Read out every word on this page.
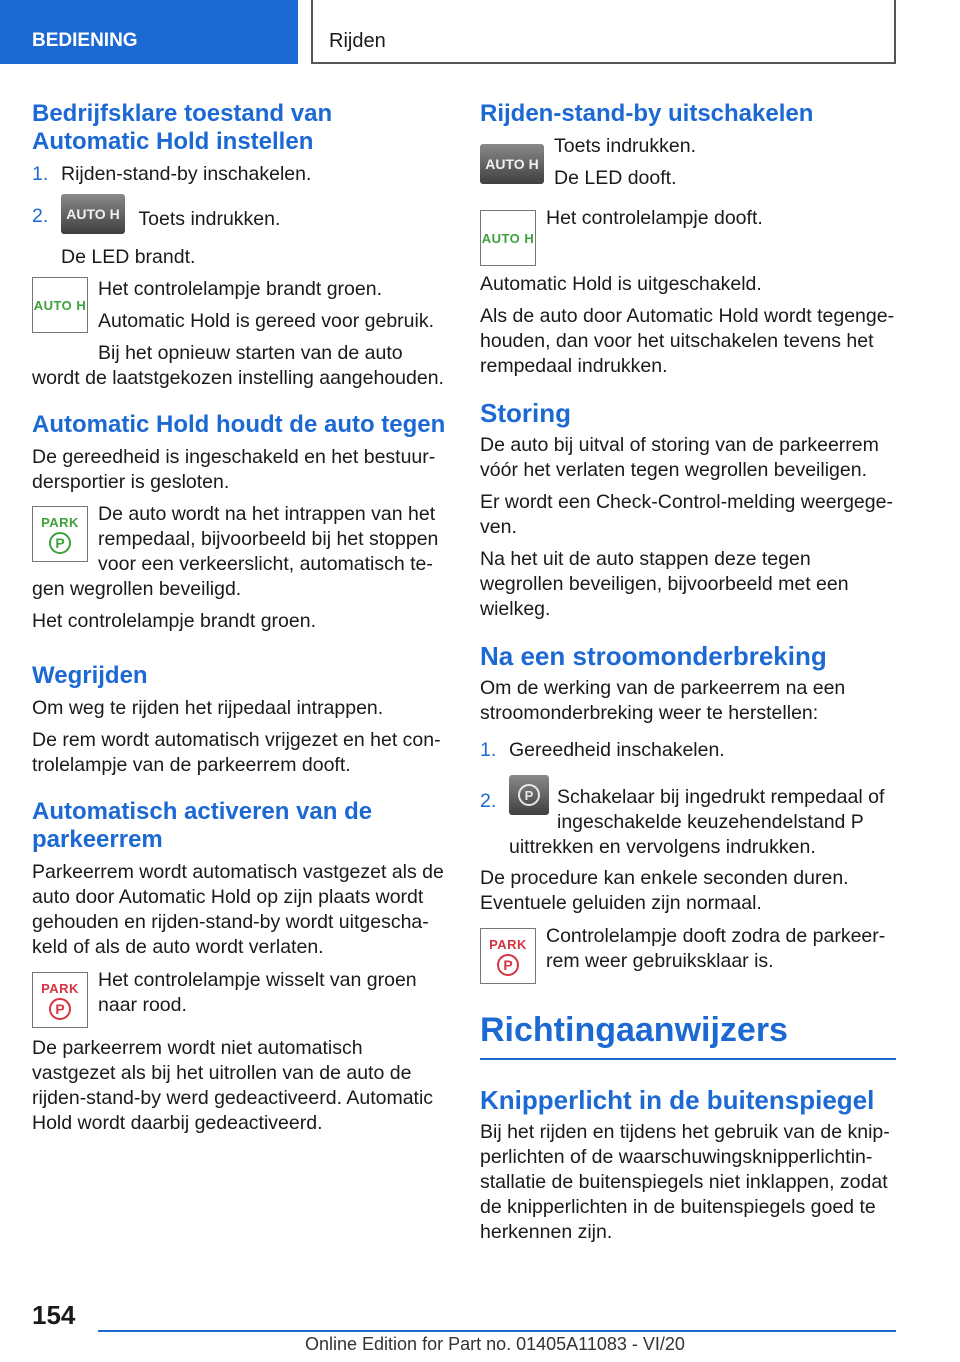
BEDIENING	Rijden
Bedrijfsklare toestand van
Automatic Hold instellen
1. Rijden-stand-by inschakelen.
2. AUTO H Toets indrukken.

De LED brandt.

AUTO H

Het controlelampje brandt groen.

Automatic Hold is gereed voor gebruik.

Bij het opnieuw starten van de auto

wordt de laatstgekozen instelling aangehouden.

Automatic Hold houdt de auto tegen

De gereedheid is ingeschakeld en het bestuurdersportier is gesloten.

PARK
P

De auto wordt na het intrappen van het

rempedaal, bijvoorbeeld bij het stoppen

voor een verkeerslicht, automatisch te-

gen wegrollen beveiligd.

Het controlelampje brandt groen.

Wegrijden

Om weg te rijden het rijpedaal intrappen.

De rem wordt automatisch vrijgezet en het controlelampje van de parkeerrem dooft.

Automatisch activeren van de
parkeerrem

Parkeerrem wordt automatisch vastgezet als de auto door Automatic Hold op zijn plaats wordt gehouden en rijden-stand-by wordt uitgeschakeld of als de auto wordt verlaten.

PARK
P

Het controlelampje wisselt van groen

naar rood.

De parkeerrem wordt niet automatisch vastgezet als bij het uitrollen van de auto de rijden-stand-by werd gedeactiveerd. Automatic Hold wordt daarbij gedeactiveerd.

Rijden-stand-by uitschakelen
AUTO H

Toets indrukken.

De LED dooft.

AUTO H

Het controlelampje dooft.

Automatic Hold is uitgeschakeld.

Als de auto door Automatic Hold wordt tegengehouden, dan voor het uitschakelen tevens het rempedaal indrukken.

Storing

De auto bij uitval of storing van de parkeerrem vóór het verlaten tegen wegrollen beveiligen.

Er wordt een Check-Control-melding weergegeven.

Na het uit de auto stappen deze tegen wegrollen beveiligen, bijvoorbeeld met een wielkeg.

Na een stroomonderbreking

Om de werking van de parkeerrem na een stroomonderbreking weer te herstellen:

1. Gereedheid inschakelen.
2.	P	Schakelaar bij ingedrukt rempedaal of ingeschakelde keuzehendelstand P uittrekken en vervolgens indrukken.

De procedure kan enkele seconden duren. Eventuele geluiden zijn normaal.

PARK
P

Controlelampje dooft zodra de parkeerrem weer gebruiksklaar is.

Richtingaanwijzers
Knipperlicht in de buitenspiegel

Bij het rijden en tijdens het gebruik van de knipperlichten of de waarschuwingsknipperlichtinstallatie de buitenspiegels niet inklappen, zodat de knipperlichten in de buitenspiegels goed te herkennen zijn.

154
Online Edition for Part no. 01405A11083 - VI/20
